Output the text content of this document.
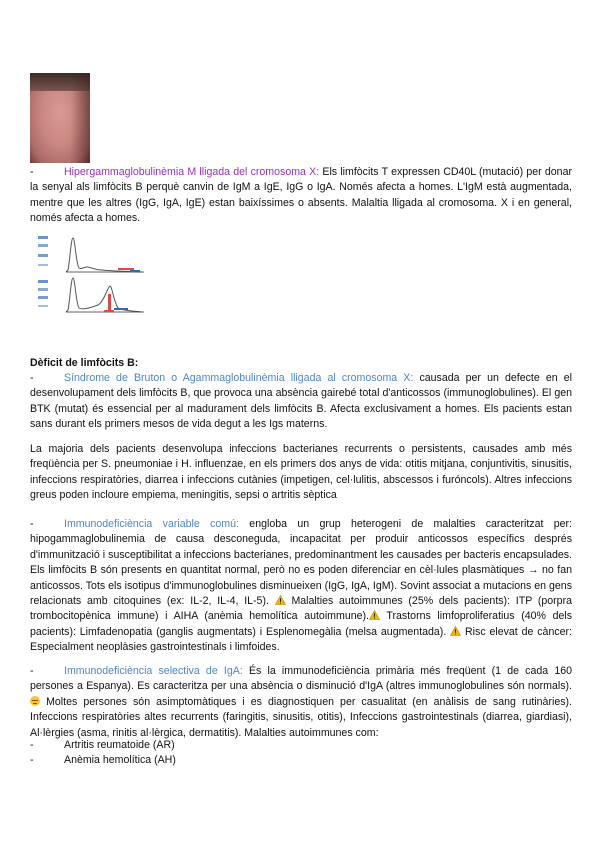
-	Hipergammaglobulinèmia M lligada del cromosoma X: Els limfòcits T expressen CD40L (mutació) per donar la senyal als limfòcits B perquè canvin de IgM a IgE, IgG o IgA. Només afecta a homes. L'IgM està augmentada, mentre que les altres (IgG, IgA, IgE) estan baixíssimes o absents. Malaltia lligada al cromosoma. X i en general, només afecta a homes.

Dèficit de limfòcits B:

-	Síndrome de Bruton o Agammaglobulinèmia lligada al cromosoma X: causada per un defecte en el desenvolupament dels limfòcits B, que provoca una absència gairebé total d'anticossos (immunoglobulines). El gen BTK (mutat) és essencial per al madurament dels limfòcits B. Afecta exclusivament a homes. Els pacients estan sans durant els primers mesos de vida degut a les Igs materns.

La majoria dels pacients desenvolupa infeccions bacterianes recurrents o persistents, causades amb més freqüència per S. pneumoniae i H. influenzae, en els primers dos anys de vida: otitis mitjana, conjuntivitis, sinusitis, infeccions respiratòries, diarrea i infeccions cutànies (impetigen, cel·lulitis, abscessos i furóncols). Altres infeccions greus poden incloure empiema, meningitis, sepsi o artritis sèptica

-	Immunodeficiència variable comú: engloba un grup heterogeni de malalties caracteritzat per: hipogammaglobulinemia de causa desconeguda, incapacitat per produir anticossos específics després d'immunització i susceptibilitat a infeccions bacterianes, predominantment les causades per bacteris encapsulades. Els limfòcits B són presents en quantitat normal, però no es poden diferenciar en cèl·lules plasmàtiques → no fan anticossos. Tots els isotipus d'immunoglobulines disminueixen (IgG, IgA, IgM). Sovint associat a mutacions en gens relacionats amb citoquines (ex: IL-2, IL-4, IL-5).  Malalties autoimmunes (25% dels pacients): ITP (porpra trombocitopènica immune) i AIHA (anèmia hemolítica autoimmune). Trastorns limfoproliferatius (40% dels pacients): Limfadenopatia (ganglis augmentats) i Esplenomegàlia (melsa augmentada).  Risc elevat de càncer: Especialment neoplàsies gastrointestinals i limfoides.

-	Immunodeficiència selectiva de IgA: És la immunodeficiència primària més freqüent (1 de cada 160 persones a Espanya). Es caracteritza per una absència o disminució d'IgA (altres immunoglobulines són normals).  Moltes persones són asimptomàtiques i es diagnostiquen per casualitat (en anàlisis de sang rutinàries). Infeccions respiratòries altes recurrents (faringitis, sinusitis, otitis), Infeccions gastrointestinals (diarrea, giardiasi), Al·lèrgies (asma, rinitis al·lèrgica, dermatitis). Malalties autoimmunes com:

-	Artritis reumatoide (AR)
-	Anèmia hemolítica (AH)
